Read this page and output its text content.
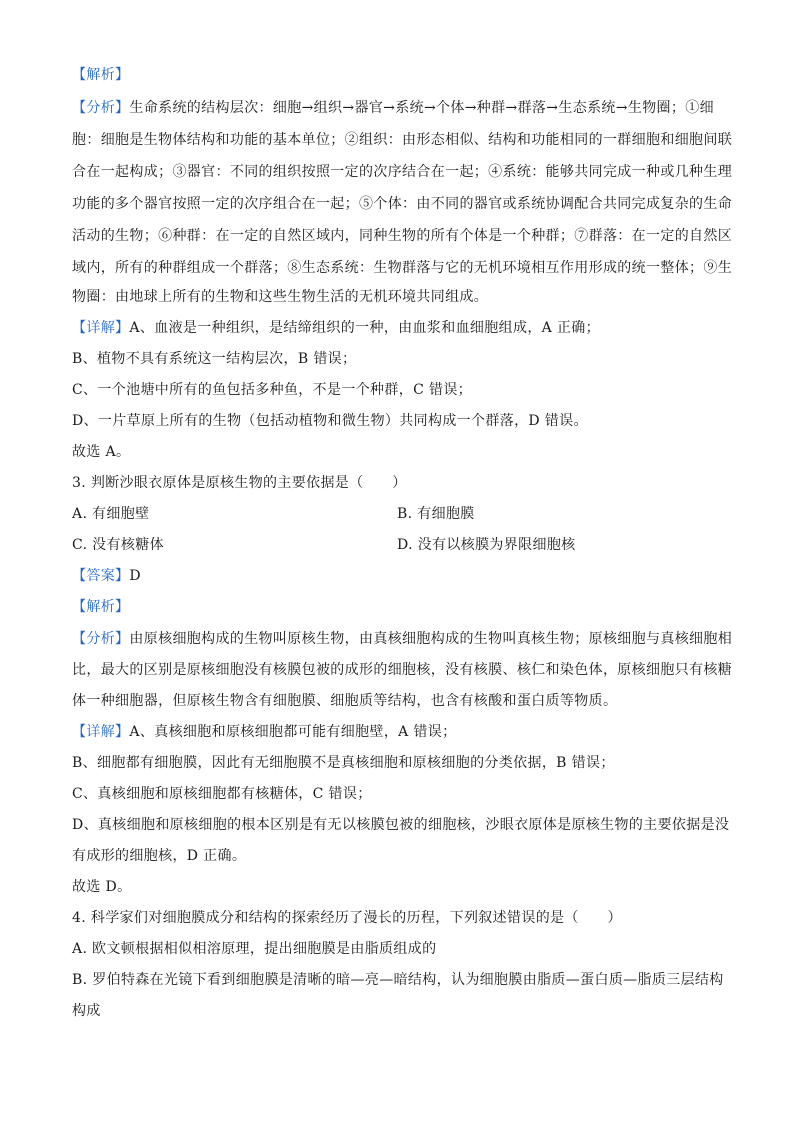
【解析】
【分析】生命系统的结构层次：细胞→组织→器官→系统→个体→种群→群落→生态系统→生物圈；①细
胞：细胞是生物体结构和功能的基本单位；②组织：由形态相似、结构和功能相同的一群细胞和细胞间联
合在一起构成；③器官：不同的组织按照一定的次序结合在一起；④系统：能够共同完成一种或几种生理
功能的多个器官按照一定的次序组合在一起；⑤个体：由不同的器官或系统协调配合共同完成复杂的生命
活动的生物；⑥种群：在一定的自然区域内，同种生物的所有个体是一个种群；⑦群落：在一定的自然区
域内，所有的种群组成一个群落；⑧生态系统：生物群落与它的无机环境相互作用形成的统一整体；⑨生
物圈：由地球上所有的生物和这些生物生活的无机环境共同组成。
【详解】A、血液是一种组织，是结缔组织的一种，由血浆和血细胞组成，A 正确；
B、植物不具有系统这一结构层次，B 错误；
C、一个池塘中所有的鱼包括多种鱼，不是一个种群，C 错误；
D、一片草原上所有的生物（包括动植物和微生物）共同构成一个群落，D 错误。
故选 A。
3. 判断沙眼衣原体是原核生物的主要依据是（　　）
A. 有细胞壁	B. 有细胞膜
C. 没有核糖体	D. 没有以核膜为界限细胞核
【答案】D
【解析】
【分析】由原核细胞构成的生物叫原核生物，由真核细胞构成的生物叫真核生物；原核细胞与真核细胞相
比，最大的区别是原核细胞没有核膜包被的成形的细胞核，没有核膜、核仁和染色体，原核细胞只有核糖
体一种细胞器，但原核生物含有细胞膜、细胞质等结构，也含有核酸和蛋白质等物质。
【详解】A、真核细胞和原核细胞都可能有细胞壁，A 错误；
B、细胞都有细胞膜，因此有无细胞膜不是真核细胞和原核细胞的分类依据，B 错误；
C、真核细胞和原核细胞都有核糖体，C 错误；
D、真核细胞和原核细胞的根本区别是有无以核膜包被的细胞核，沙眼衣原体是原核生物的主要依据是没
有成形的细胞核，D 正确。
故选 D。
4. 科学家们对细胞膜成分和结构的探索经历了漫长的历程，下列叙述错误的是（　　）
A. 欧文顿根据相似相溶原理，提出细胞膜是由脂质组成的
B. 罗伯特森在光镜下看到细胞膜是清晰的暗—亮—暗结构，认为细胞膜由脂质—蛋白质—脂质三层结构
构成
